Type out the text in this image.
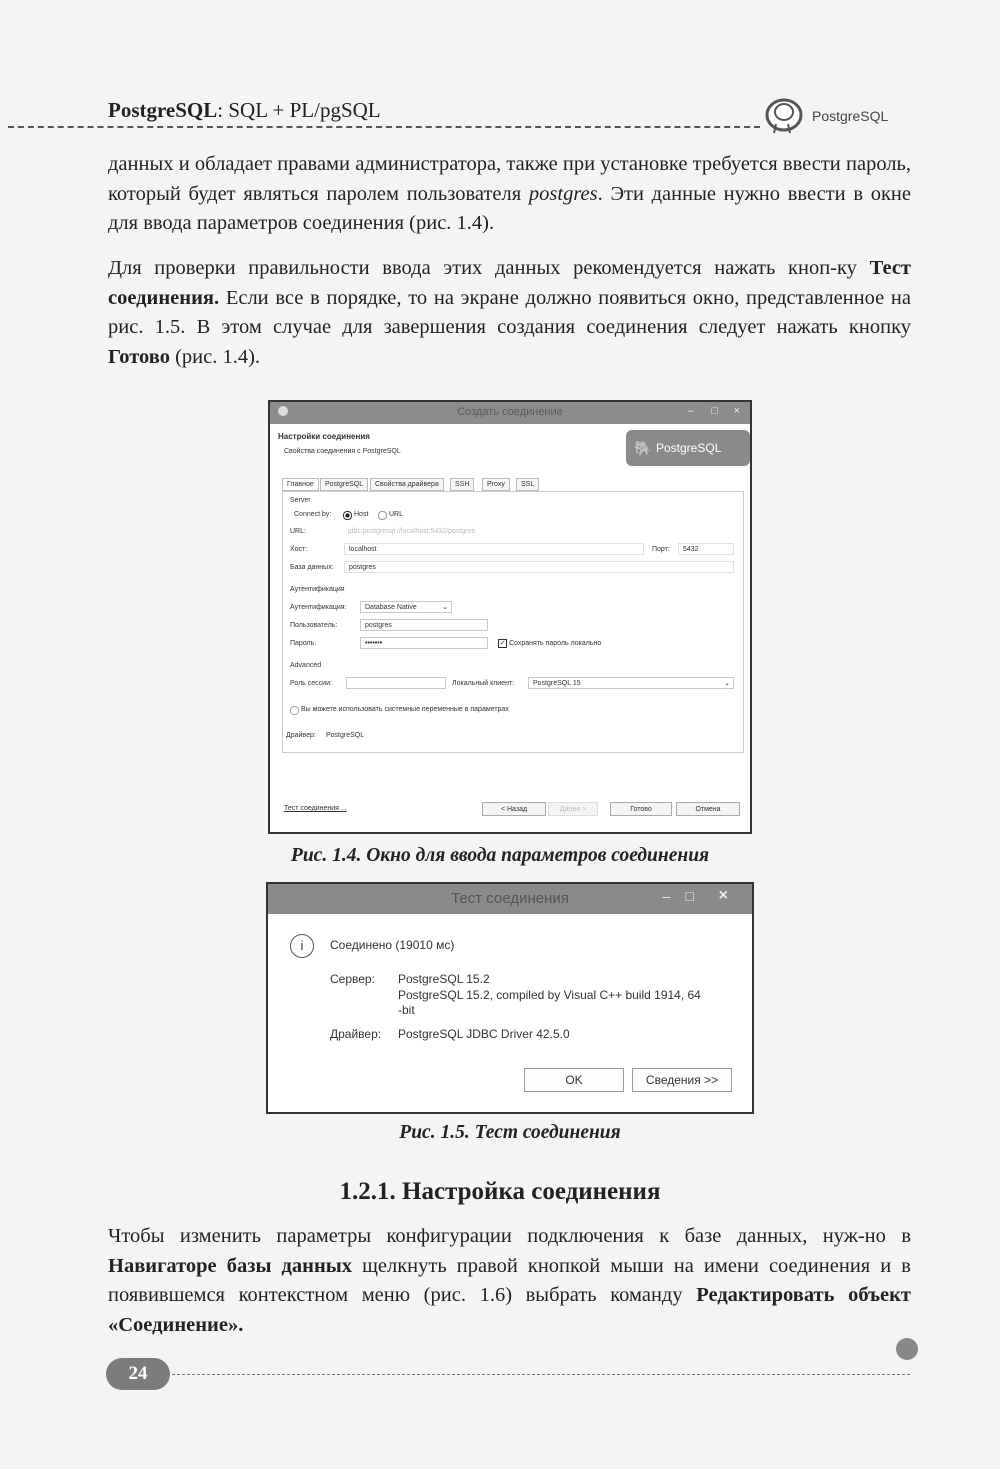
PostgreSQL: SQL + PL/pgSQL	PostgreSQL
данных и обладает правами администратора, также при установке требуется ввести пароль, который будет являться паролем пользователя postgres. Эти данные нужно ввести в окне для ввода параметров соединения (рис. 1.4).
Для проверки правильности ввода этих данных рекомендуется нажать кноп-ку Тест соединения. Если все в порядке, то на экране должно появиться окно, представленное на рис. 1.5. В этом случае для завершения создания соединения следует нажать кнопку Готово (рис. 1.4).
Создать соединение	– □ ×
Настройки соединения
Свойства соединения с PostgreSQL	🐘 PostgreSQL
Главное	PostgreSQL	Свойства драйвера	SSH	Proxy	SSL
Server
Connect by:	Host	URL
URL:	jdbc:postgresql://localhost:5432/postgres
Хост:	localhost	Порт:	5432
База данных:	postgres
Аутентификация
Аутентификация:	Database Native	⌄
Пользователь:	postgres
Пароль:	•••••••	✓ Сохранять пароль локально
Advanced
Роль сессии:	Локальный клиент:	PostgreSQL 15	⌄
Вы можете использовать системные переменные в параметрах
Драйвер: PostgreSQL
Тест соединения ...	< Назад	Далее >	Готово	Отмена
Рис. 1.4. Окно для ввода параметров соединения
Тест соединения	– □ ×
i	Соединено (19010 мс)
Сервер: PostgreSQL 15.2
PostgreSQL 15.2, compiled by Visual C++ build 1914, 64
-bit
Драйвер: PostgreSQL JDBC Driver 42.5.0
OK	Сведения >>
Рис. 1.5. Тест соединения
1.2.1. Настройка соединения
Чтобы изменить параметры конфигурации подключения к базе данных, нуж-но в Навигаторе базы данных щелкнуть правой кнопкой мыши на имени соединения и в появившемся контекстном меню (рис. 1.6) выбрать команду Редактировать объект «Соединение».
24
